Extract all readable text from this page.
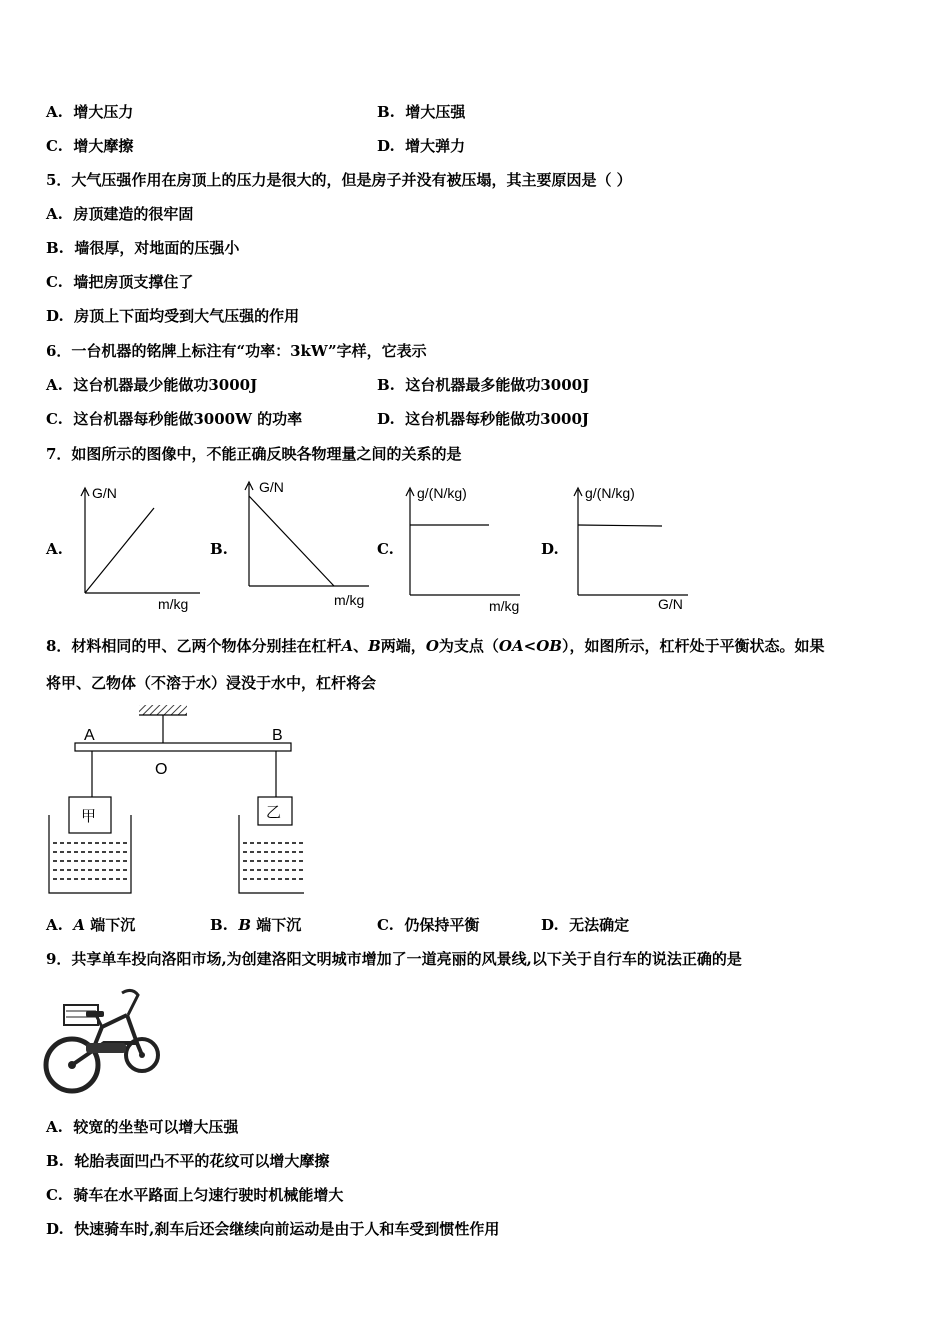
A. 增大压力	B. 增大压强
C. 增大摩擦	D. 增大弹力
5．大气压强作用在房顶上的压力是很大的，但是房子并没有被压塌，其主要原因是（ ）
A. 房顶建造的很牢固
B. 墙很厚，对地面的压强小
C. 墙把房顶支撑住了
D. 房顶上下面均受到大气压强的作用
6．一台机器的铭牌上标注有“功率：3kW”字样，它表示
A. 这台机器最少能做功3000J	B. 这台机器最多能做功3000J
C. 这台机器每秒能做3000W 的功率	D. 这台机器每秒能做功3000J
7．如图所示的图像中，不能正确反映各物理量之间的关系的是
A.	B.	C.	D.
G/N
m/kg
G/N
m/kg
g/(N/kg)
m/kg
g/(N/kg)
G/N
8．材料相同的甲、乙两个物体分别挂在杠杆A、B两端，O为支点（OA<OB），如图所示，杠杆处于平衡状态。如果
将甲、乙物体（不溶于水）浸没于水中，杠杆将会
A	B
O
甲	乙
A. A 端下沉	B. B 端下沉	C. 仍保持平衡	D. 无法确定
9．共享单车投向洛阳市场,为创建洛阳文明城市增加了一道亮丽的风景线,以下关于自行车的说法正确的是
A. 较宽的坐垫可以增大压强
B. 轮胎表面凹凸不平的花纹可以增大摩擦
C. 骑车在水平路面上匀速行驶时机械能增大
D. 快速骑车时,刹车后还会继续向前运动是由于人和车受到惯性作用
